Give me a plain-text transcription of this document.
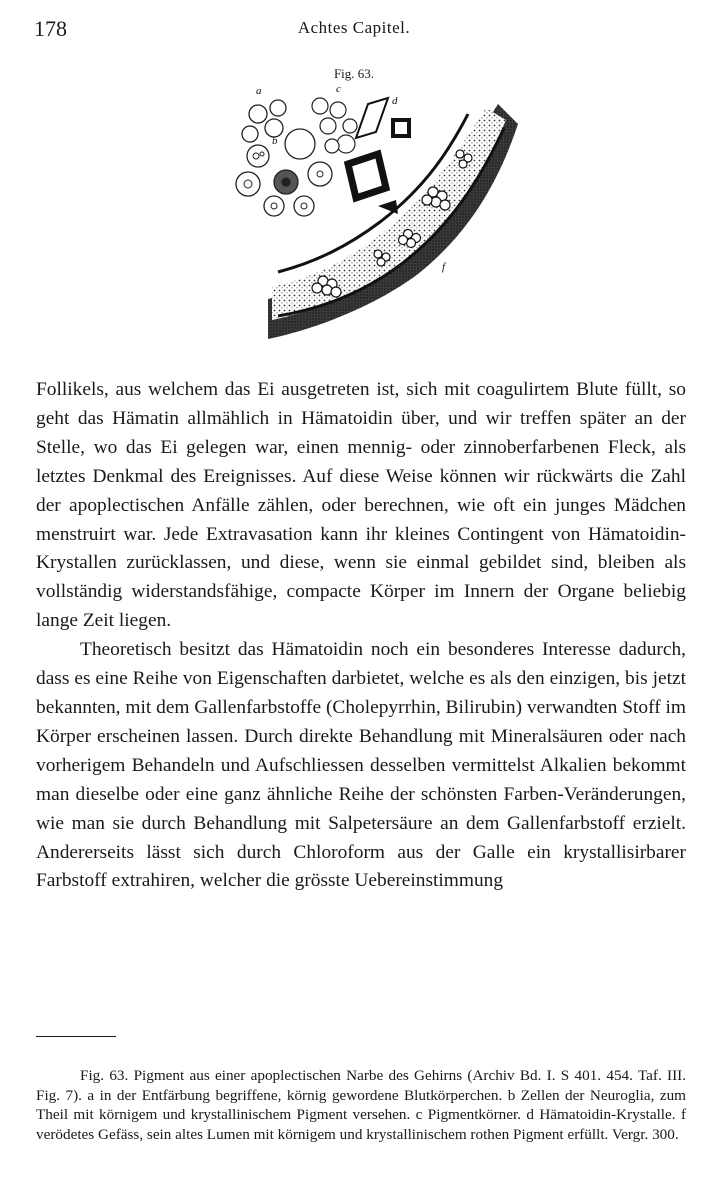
178	Achtes Capitel.
Fig. 63.
a
b
c
d
f

Follikels, aus welchem das Ei ausgetreten ist, sich mit coagulirtem Blute füllt, so geht das Hämatin allmählich in Hämatoidin über, und wir treffen später an der Stelle, wo das Ei gelegen war, einen mennig- oder zinnoberfarbenen Fleck, als letztes Denkmal des Ereignisses. Auf diese Weise können wir rückwärts die Zahl der apoplectischen Anfälle zählen, oder berechnen, wie oft ein junges Mädchen menstruirt war. Jede Extravasation kann ihr kleines Contingent von Hämatoidin-Krystallen zurücklassen, und diese, wenn sie einmal gebildet sind, bleiben als vollständig widerstandsfähige, compacte Körper im Innern der Organe beliebig lange Zeit liegen.

Theoretisch besitzt das Hämatoidin noch ein besonderes Interesse dadurch, dass es eine Reihe von Eigenschaften darbietet, welche es als den einzigen, bis jetzt bekannten, mit dem Gallenfarbstoffe (Cholepyrrhin, Bilirubin) verwandten Stoff im Körper erscheinen lassen. Durch direkte Behandlung mit Mineralsäuren oder nach vorherigem Behandeln und Aufschliessen desselben vermittelst Alkalien bekommt man dieselbe oder eine ganz ähnliche Reihe der schönsten Farben-Veränderungen, wie man sie durch Behandlung mit Salpetersäure an dem Gallenfarbstoff erzielt. Andererseits lässt sich durch Chloroform aus der Galle ein krystallisirbarer Farbstoff extrahiren, welcher die grösste Uebereinstimmung

Fig. 63. Pigment aus einer apoplectischen Narbe des Gehirns (Archiv Bd. I. S 401. 454. Taf. III. Fig. 7). a in der Entfärbung begriffene, körnig gewordene Blutkörperchen. b Zellen der Neuroglia, zum Theil mit körnigem und krystallinischem Pigment versehen. c Pigmentkörner. d Hämatoidin-Krystalle. f verödetes Gefäss, sein altes Lumen mit körnigem und krystallinischem rothen Pigment erfüllt. Vergr. 300.
